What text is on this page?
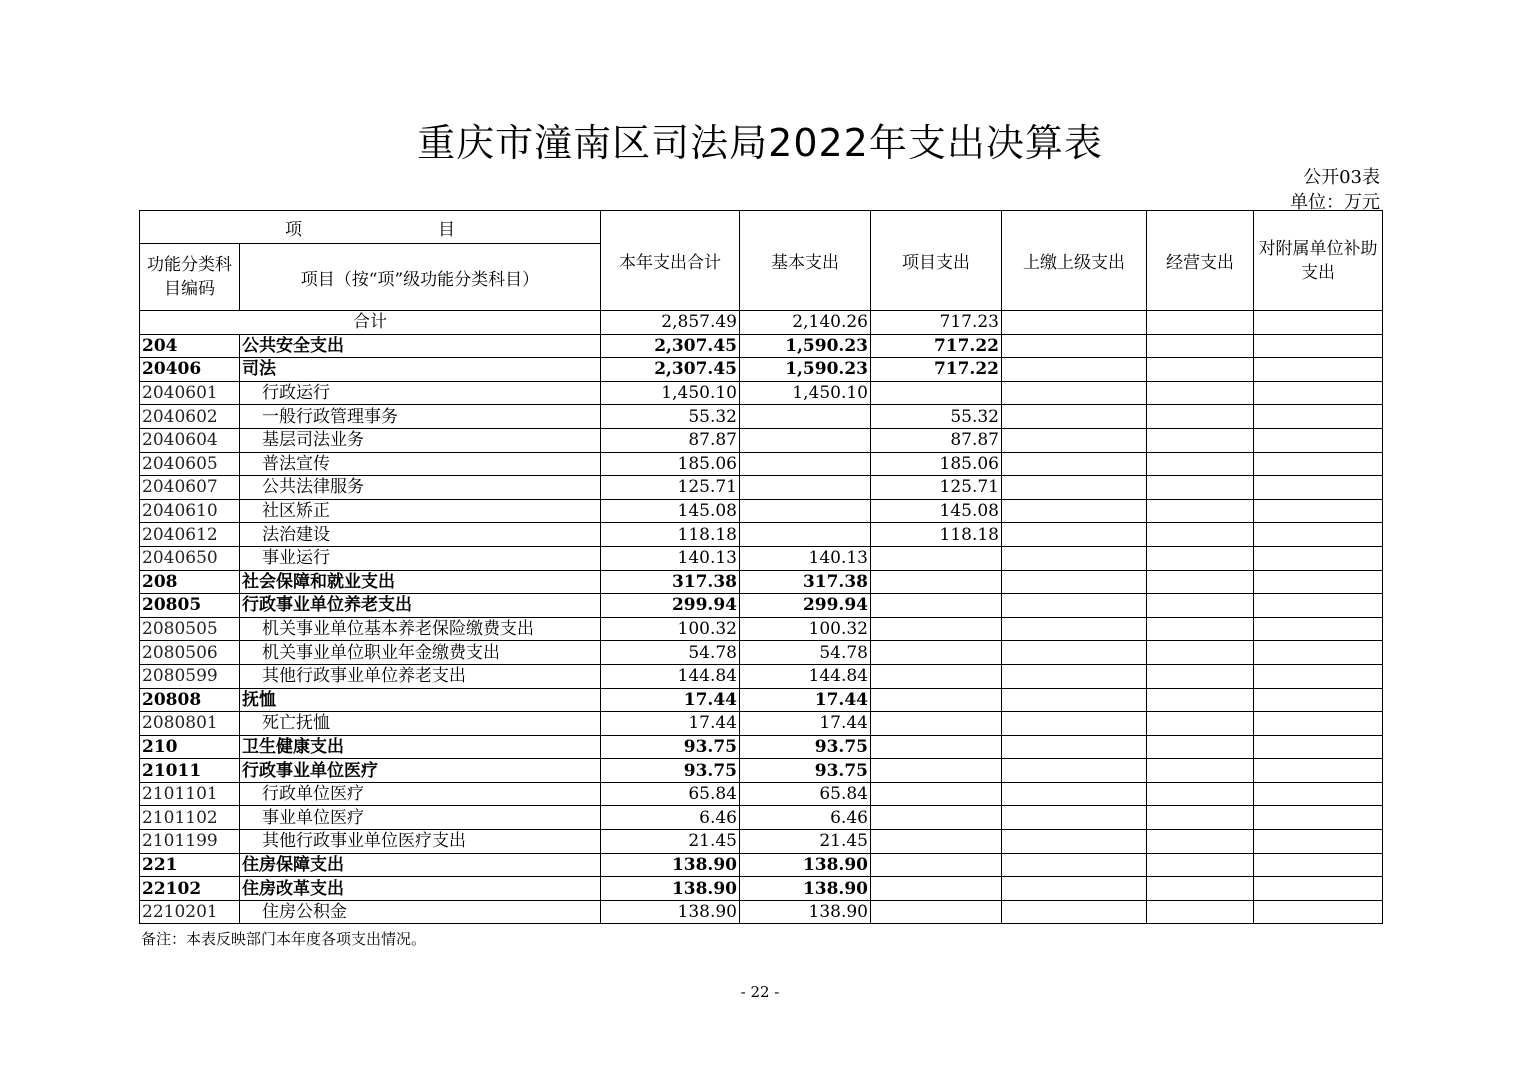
重庆市潼南区司法局2022年支出决算表
公开03表
单位：万元
项　　　　　　　　目		本年支出合计	基本支出	项目支出	上缴上级支出	经营支出	对附属单位补助支出
功能分类科目编码	项目（按“项”级功能分类科目）						
合计		2,857.49	2,140.26	717.23			
204	公共安全支出	2,307.45	1,590.23	717.22			
20406	司法	2,307.45	1,590.23	717.22			
2040601	行政运行	1,450.10	1,450.10				
2040602	一般行政管理事务	55.32		55.32			
2040604	基层司法业务	87.87		87.87			
2040605	普法宣传	185.06		185.06			
2040607	公共法律服务	125.71		125.71			
2040610	社区矫正	145.08		145.08			
2040612	法治建设	118.18		118.18			
2040650	事业运行	140.13	140.13				
208	社会保障和就业支出	317.38	317.38				
20805	行政事业单位养老支出	299.94	299.94				
2080505	机关事业单位基本养老保险缴费支出	100.32	100.32				
2080506	机关事业单位职业年金缴费支出	54.78	54.78				
2080599	其他行政事业单位养老支出	144.84	144.84				
20808	抚恤	17.44	17.44				
2080801	死亡抚恤	17.44	17.44				
210	卫生健康支出	93.75	93.75				
21011	行政事业单位医疗	93.75	93.75				
2101101	行政单位医疗	65.84	65.84				
2101102	事业单位医疗	6.46	6.46				
2101199	其他行政事业单位医疗支出	21.45	21.45				
221	住房保障支出	138.90	138.90				
22102	住房改革支出	138.90	138.90				
2210201	住房公积金	138.90	138.90				
备注：本表反映部门本年度各项支出情况。
- 22 -
